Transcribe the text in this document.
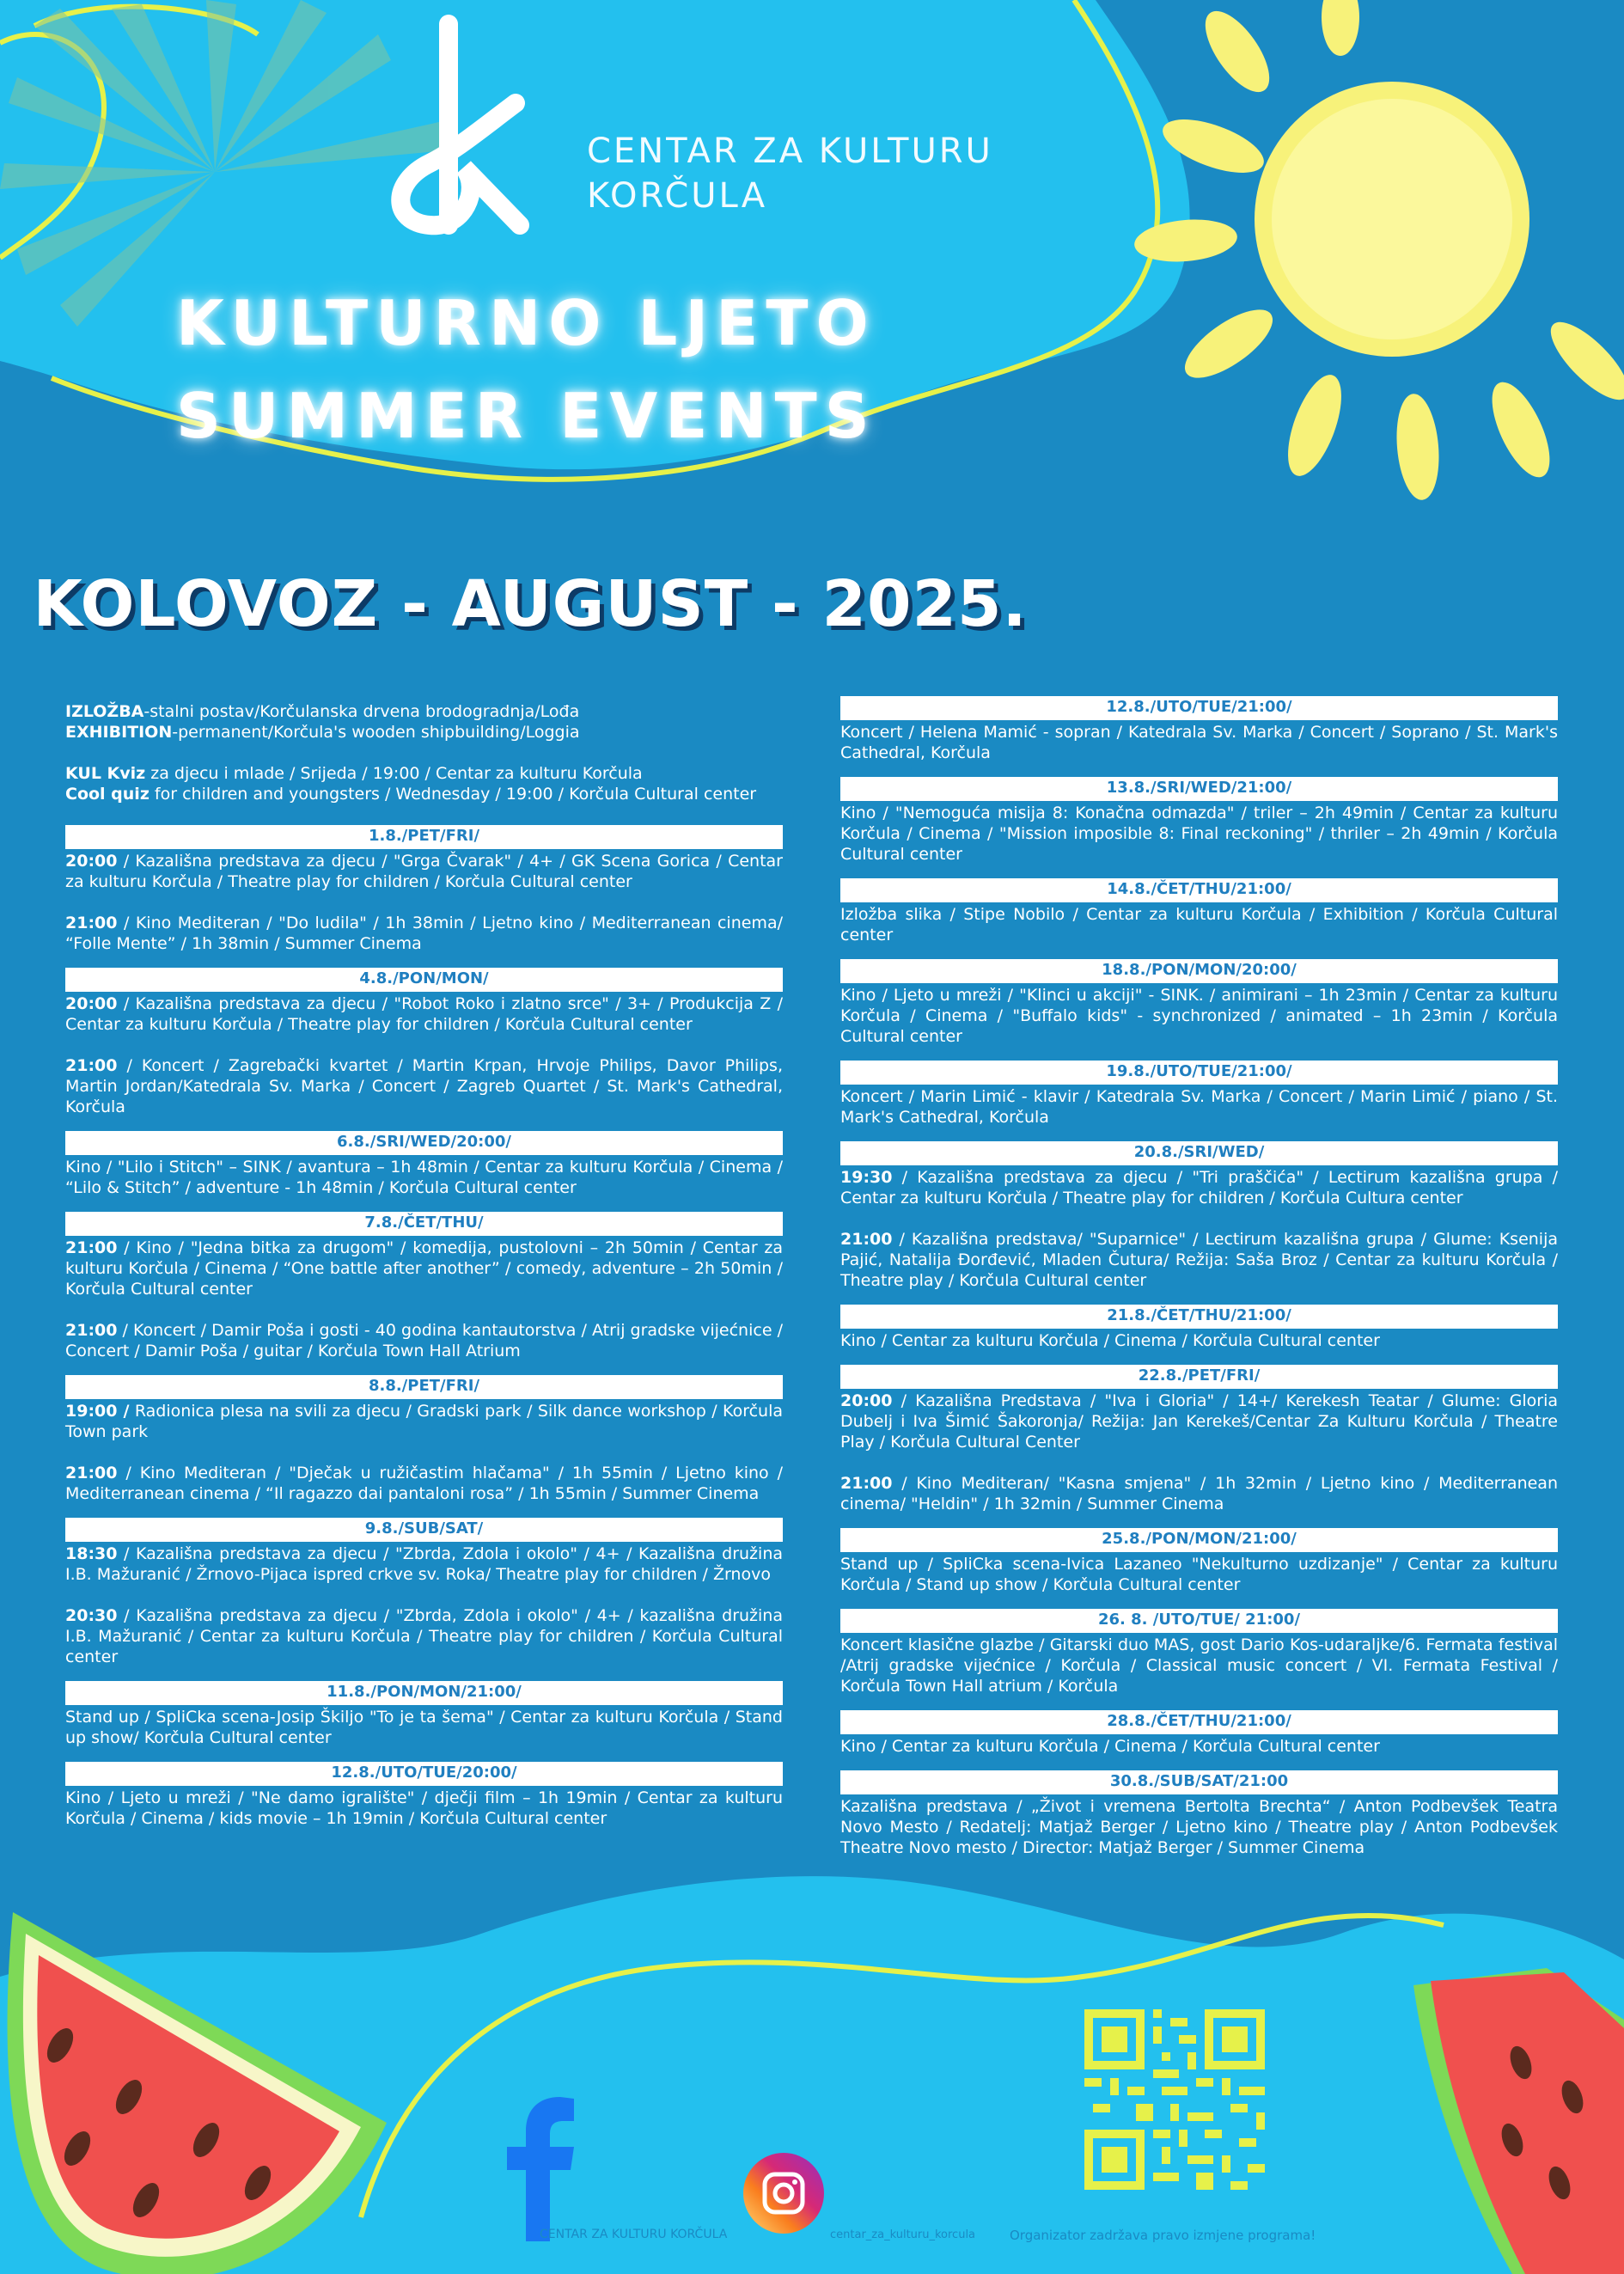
CENTAR ZA KULTURU
KORČULA
KULTURNO LJETO
SUMMER EVENTS
KOLOVOZ - AUGUST - 2025.

IZLOŽBA-stalni postav/Korčulanska drvena brodogradnja/Lođa
EXHIBITION-permanent/Korčula's wooden shipbuilding/Loggia

KUL Kviz za djecu i mlade / Srijeda / 19:00 / Centar za kulturu Korčula
Cool quiz for children and youngsters / Wednesday / 19:00 / Korčula Cultural center

1.8./PET/FRI/

20:00 / Kazališna predstava za djecu / "Grga Čvarak" / 4+ / GK Scena Gorica / Centar za kulturu Korčula / Theatre play for children / Korčula Cultural center

21:00 / Kino Mediteran / "Do ludila" / 1h 38min / Ljetno kino / Mediterranean cinema/ “Folle Mente” / 1h 38min / Summer Cinema

4.8./PON/MON/

20:00 / Kazališna predstava za djecu / "Robot Roko i zlatno srce" / 3+ / Produkcija Z / Centar za kulturu Korčula / Theatre play for children / Korčula Cultural center

21:00 / Koncert / Zagrebački kvartet / Martin Krpan, Hrvoje Philips, Davor Philips, Martin Jordan/Katedrala Sv. Marka / Concert / Zagreb Quartet / St. Mark's Cathedral, Korčula

6.8./SRI/WED/20:00/

Kino / "Lilo i Stitch" – SINK / avantura – 1h 48min / Centar za kulturu Korčula / Cinema / “Lilo & Stitch” / adventure - 1h 48min / Korčula Cultural center

7.8./ČET/THU/

21:00 / Kino / "Jedna bitka za drugom" / komedija, pustolovni – 2h 50min / Centar za kulturu Korčula / Cinema / “One battle after another” / comedy, adventure – 2h 50min / Korčula Cultural center

21:00 / Koncert / Damir Poša i gosti - 40 godina kantautorstva / Atrij gradske vijećnice / Concert / Damir Poša / guitar / Korčula Town Hall Atrium

8.8./PET/FRI/

19:00 / Radionica plesa na svili za djecu / Gradski park / Silk dance workshop / Korčula Town park

21:00 / Kino Mediteran / "Dječak u ružičastim hlačama" / 1h 55min / Ljetno kino / Mediterranean cinema / “Il ragazzo dai pantaloni rosa” / 1h 55min / Summer Cinema

9.8./SUB/SAT/

18:30 / Kazališna predstava za djecu / "Zbrda, Zdola i okolo" / 4+ / Kazališna družina I.B. Mažuranić / Žrnovo-Pijaca ispred crkve sv. Roka/ Theatre play for children / Žrnovo

20:30 / Kazališna predstava za djecu / "Zbrda, Zdola i okolo" / 4+ / kazališna družina I.B. Mažuranić / Centar za kulturu Korčula / Theatre play for children / Korčula Cultural center

11.8./PON/MON/21:00/

Stand up / SpliCka scena-Josip Škiljo "To je ta šema" / Centar za kulturu Korčula / Stand up show/ Korčula Cultural center

12.8./UTO/TUE/20:00/

Kino / Ljeto u mreži / "Ne damo igralište" / dječji film – 1h 19min / Centar za kulturu Korčula / Cinema / kids movie – 1h 19min / Korčula Cultural center

12.8./UTO/TUE/21:00/

Koncert / Helena Mamić - sopran / Katedrala Sv. Marka / Concert / Soprano / St. Mark's Cathedral, Korčula

13.8./SRI/WED/21:00/

Kino / "Nemoguća misija 8: Konačna odmazda" / triler – 2h 49min / Centar za kulturu Korčula / Cinema / "Mission imposible 8: Final reckoning" / thriler – 2h 49min / Korčula Cultural center

14.8./ČET/THU/21:00/

Izložba slika / Stipe Nobilo / Centar za kulturu Korčula / Exhibition / Korčula Cultural center

18.8./PON/MON/20:00/

Kino / Ljeto u mreži / "Klinci u akciji" - SINK. / animirani – 1h 23min / Centar za kulturu Korčula / Cinema / "Buffalo kids" - synchronized / animated – 1h 23min / Korčula Cultural center

19.8./UTO/TUE/21:00/

Koncert / Marin Limić - klavir / Katedrala Sv. Marka / Concert / Marin Limić / piano / St. Mark's Cathedral, Korčula

20.8./SRI/WED/

19:30 / Kazališna predstava za djecu / "Tri praščića" / Lectirum kazališna grupa / Centar za kulturu Korčula / Theatre play for children / Korčula Cultura center

21:00 / Kazališna predstava/ "Suparnice" / Lectirum kazališna grupa / Glume: Ksenija Pajić, Natalija Đorđević, Mladen Čutura/ Režija: Saša Broz / Centar za kulturu Korčula / Theatre play / Korčula Cultural center

21.8./ČET/THU/21:00/

Kino / Centar za kulturu Korčula / Cinema / Korčula Cultural center

22.8./PET/FRI/

20:00 / Kazališna Predstava / "Iva i Gloria" / 14+/ Kerekesh Teatar / Glume: Gloria Dubelj i Iva Šimić Šakoronja/ Režija: Jan Kerekeš/Centar Za Kulturu Korčula / Theatre Play / Korčula Cultural Center

21:00 / Kino Mediteran/ "Kasna smjena" / 1h 32min / Ljetno kino / Mediterranean cinema/ "Heldin" / 1h 32min / Summer Cinema

25.8./PON/MON/21:00/

Stand up / SpliCka scena-Ivica Lazaneo "Nekulturno uzdizanje" / Centar za kulturu Korčula / Stand up show / Korčula Cultural center

26. 8. /UTO/TUE/ 21:00/

Koncert klasične glazbe / Gitarski duo MAS, gost Dario Kos-udaraljke/6. Fermata festival /Atrij gradske vijećnice / Korčula / Classical music concert / VI. Fermata Festival / Korčula Town Hall atrium / Korčula

28.8./ČET/THU/21:00/

Kino / Centar za kulturu Korčula / Cinema / Korčula Cultural center

30.8./SUB/SAT/21:00

Kazališna predstava / „Život i vremena Bertolta Brechta“ / Anton Podbevšek Teatra Novo Mesto / Redatelj: Matjaž Berger / Ljetno kino / Theatre play / Anton Podbevšek Theatre Novo mesto / Director: Matjaž Berger / Summer Cinema

CENTAR ZA KULTURU KORČULA	centar_za_kulturu_korcula	Organizator zadržava pravo izmjene programa!
